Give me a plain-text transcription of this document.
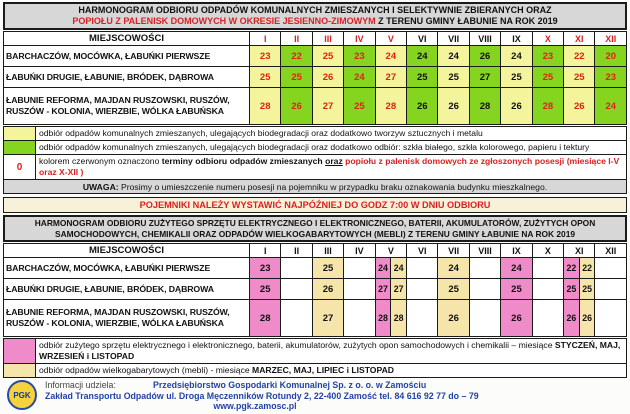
HARMONOGRAM ODBIORU ODPADÓW KOMUNALNYCH ZMIESZANYCH I SELEKTYWNIE ZBIERANYCH ORAZ
POPIOŁU Z PALENISK DOMOWYCH W OKRESIE JESIENNO-ZIMOWYM Z TERENU GMINY ŁABUNIE NA ROK 2019
MIEJSCOWOŚCI	I	II	III	IV	V	VI	VII	VIII	IX	X	XI	XII
BARCHACZÓW, MOCÓWKA, ŁABUŃKI PIERWSZE	23	22	25	23	24	24	24	26	24	23	22	20
ŁABUŃKI DRUGIE, ŁABUNIE, BRÓDEK, DĄBROWA	25	25	26	24	27	25	25	27	25	25	25	23
ŁABUNIE REFORMA, MAJDAN RUSZOWSKI, RUSZÓW, RUSZÓW - KOLONIA, WIERZBIE, WÓLKA ŁABUŃSKA	28	26	27	25	28	26	26	28	26	28	26	24
	odbiór odpadów komunalnych zmieszanych, ulegających biodegradacji oraz dodatkowo tworzyw sztucznych i metalu
	odbiór odpadów komunalnych zmieszanych, ulegających biodegradacji oraz dodatkowo odbiór: szkła białego, szkła kolorowego, papieru i tektury
0	kolorem czerwonym oznaczono terminy odbioru odpadów zmieszanych oraz popiołu z palenisk domowych ze zgłoszonych posesji (miesiące I-V oraz X-XII )
UWAGA: Prosimy o umieszczenie numeru posesji na pojemniku w przypadku braku oznakowania budynku mieszkalnego.
POJEMNIKI NALEŻY WYSTAWIĆ NAJPÓŹNIEJ DO GODZ 7:00 W DNIU ODBIORU
HARMONOGRAM ODBIORU ZUŻYTEGO SPRZĘTU ELEKTRYCZNEGO I ELEKTRONICZNEGO, BATERII, AKUMULATORÓW, ZUŻYTYCH OPON
SAMOCHODOWYCH, CHEMIKALII ORAZ ODPADÓW WIELKOGABARYTOWYCH (MEBLI) Z TERENU GMINY ŁABUNIE NA ROK 2019
MIEJSCOWOŚCI	I	II	III	IV	V	VI	VII	VIII	IX	X	XI	XII
BARCHACZÓW, MOCÓWKA, ŁABUŃKI PIERWSZE	23		25		24 24		24		24		22 22	

ŁABUŃKI DRUGIE, ŁABUNIE, BRÓDEK, DĄBROWA	25		26		27 27		25		25		25 25	

ŁABUNIE REFORMA, MAJDAN RUSZOWSKI, RUSZÓW, RUSZÓW - KOLONIA, WIERZBIE, WÓLKA ŁABUŃSKA	28		27		28 28		26		26		26 26	

	odbiór zużytego sprzętu elektrycznego i elektronicznego, baterii, akumulatorów, zużytych opon samochodowych i chemikalii – miesiące STYCZEŃ, MAJ, WRZESIEŃ i LISTOPAD
	odbiór odpadów wielkogabarytowych (mebli) - miesiące MARZEC, MAJ, LIPIEC i LISTOPAD
PGK
Informacji udziela:	Przedsiębiorstwo Gospodarki Komunalnej Sp. z o. o. w Zamościu
Zakład Transportu Odpadów ul. Droga Męczenników Rotundy 2, 22-400 Zamość tel. 84 616 92 77 do – 79
www.pgk.zamosc.pl
